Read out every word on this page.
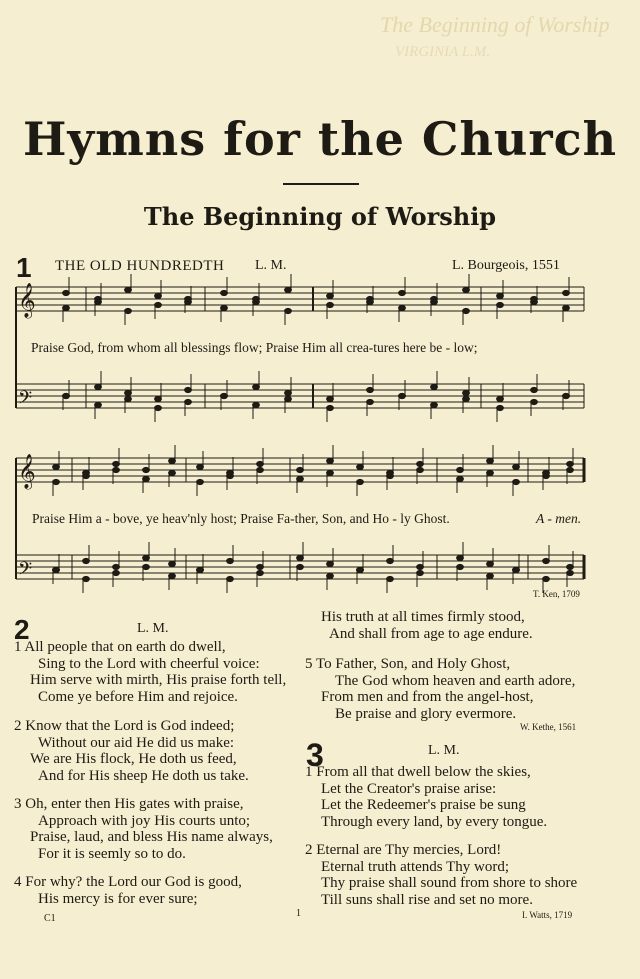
The Beginning of Worship
VIRGINIA L.M.
Hymns for the Church
The Beginning of Worship
1 THE OLD HUNDREDTH L. M.	L. Bourgeois, 1551
𝄞
𝄢
𝄞
𝄢
Praise God, from whom all blessings flow; Praise Him all crea-tures here be - low;
Praise Him a - bove, ye heav'nly host; Praise Fa-ther, Son, and Ho - ly Ghost.	A - men.
T. Ken, 1709
2	L. M.
1 All people that on earth do dwell,
Sing to the Lord with cheerful voice:
Him serve with mirth, His praise forth tell,
Come ye before Him and rejoice.
2 Know that the Lord is God indeed;
Without our aid He did us make:
We are His flock, He doth us feed,
And for His sheep He doth us take.
3 Oh, enter then His gates with praise,
Approach with joy His courts unto;
Praise, laud, and bless His name always,
For it is seemly so to do.
4 For why? the Lord our God is good,
His mercy is for ever sure;
His truth at all times firmly stood,
And shall from age to age endure.
5 To Father, Son, and Holy Ghost,
The God whom heaven and earth adore,
From men and from the angel-host,
Be praise and glory evermore.
W. Kethe, 1561
3	L. M.
1 From all that dwell below the skies,
Let the Creator's praise arise:
Let the Redeemer's praise be sung
Through every land, by every tongue.
2 Eternal are Thy mercies, Lord!
Eternal truth attends Thy word;
Thy praise shall sound from shore to shore
Till suns shall rise and set no more.
I. Watts, 1719
C1	1
